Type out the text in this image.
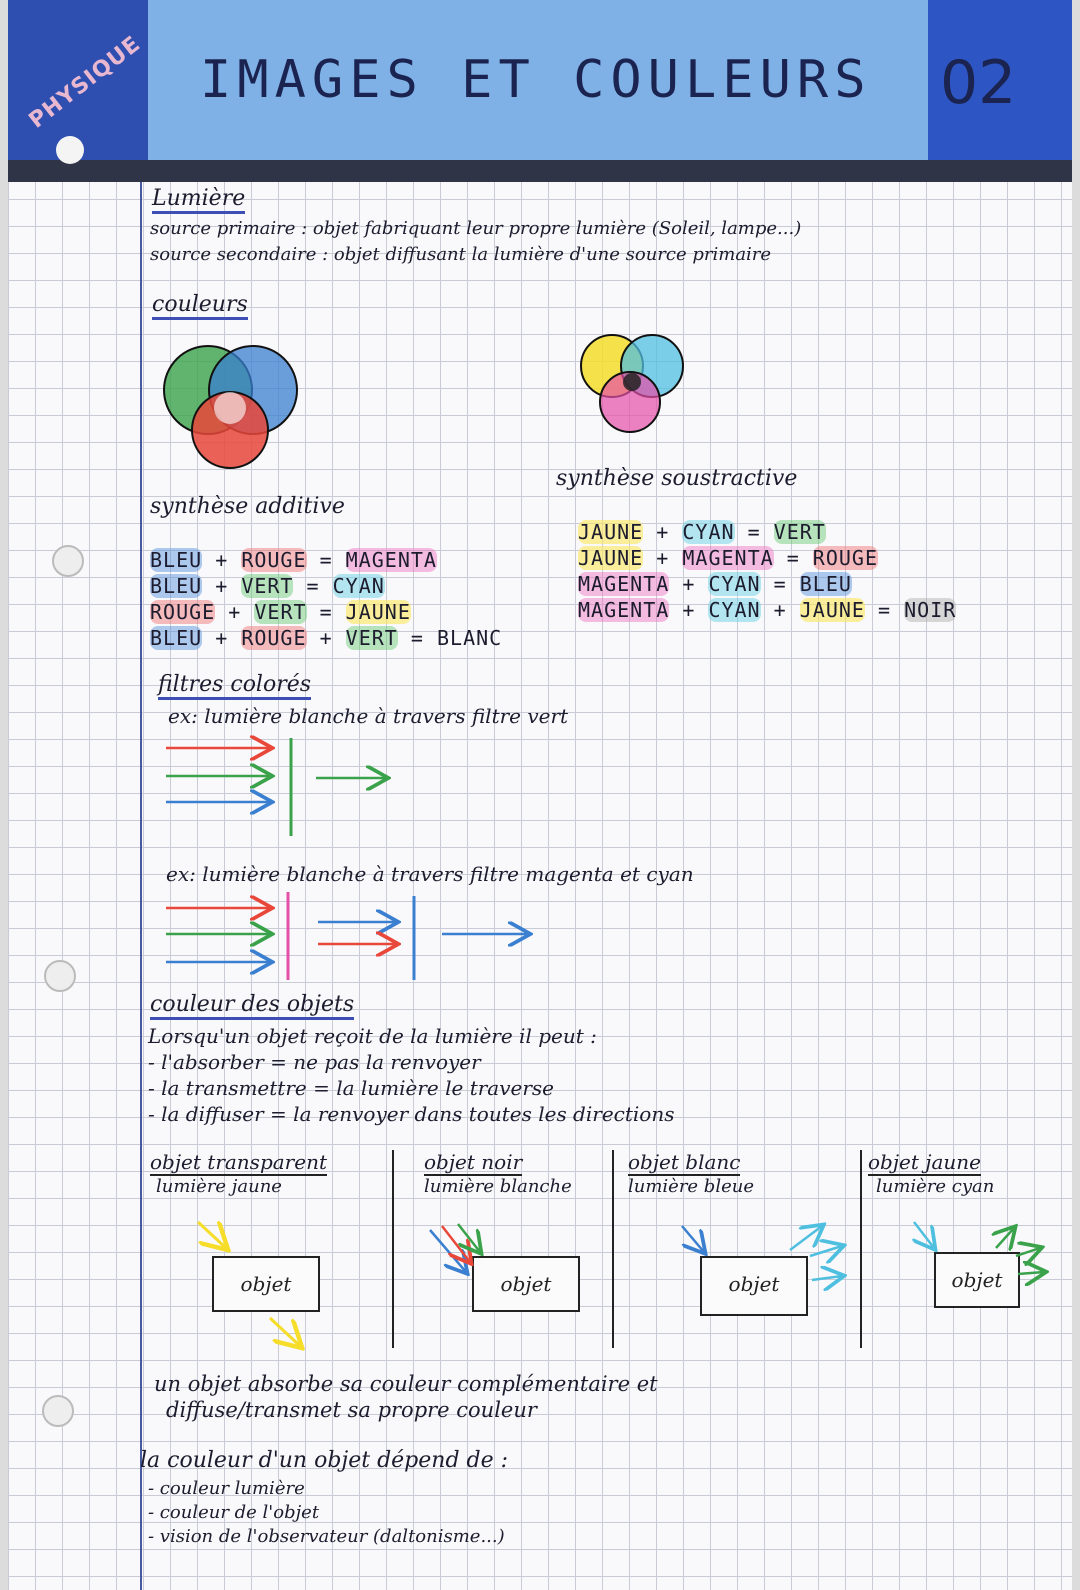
PHYSIQUE IMAGES ET COULEURS 02
Lumière
source primaire : objet fabriquant leur propre lumière (Soleil, lampe...)
source secondaire : objet diffusant la lumière d'une source primaire
couleurs
synthèse additive
synthèse soustractive
BLEU + ROUGE = MAGENTA
BLEU + VERT = CYAN
ROUGE + VERT = JAUNE
BLEU + ROUGE + VERT = BLANC
JAUNE + CYAN = VERT
JAUNE + MAGENTA = ROUGE
MAGENTA + CYAN = BLEU
MAGENTA + CYAN + JAUNE = NOIR
filtres colorés
ex: lumière blanche à travers filtre vert
ex: lumière blanche à travers filtre magenta et cyan
couleur des objets
Lorsqu'un objet reçoit de la lumière il peut :
- l'absorber = ne pas la renvoyer
- la transmettre = la lumière le traverse
- la diffuser = la renvoyer dans toutes les directions
objet transparent
lumière jaune
objet
objet noir
lumière blanche
objet
objet blanc
lumière bleue
objet
objet jaune
lumière cyan
objet
un objet absorbe sa couleur complémentaire et
diffuse/transmet sa propre couleur
la couleur d'un objet dépend de :
- couleur lumière
- couleur de l'objet
- vision de l'observateur (daltonisme...)
